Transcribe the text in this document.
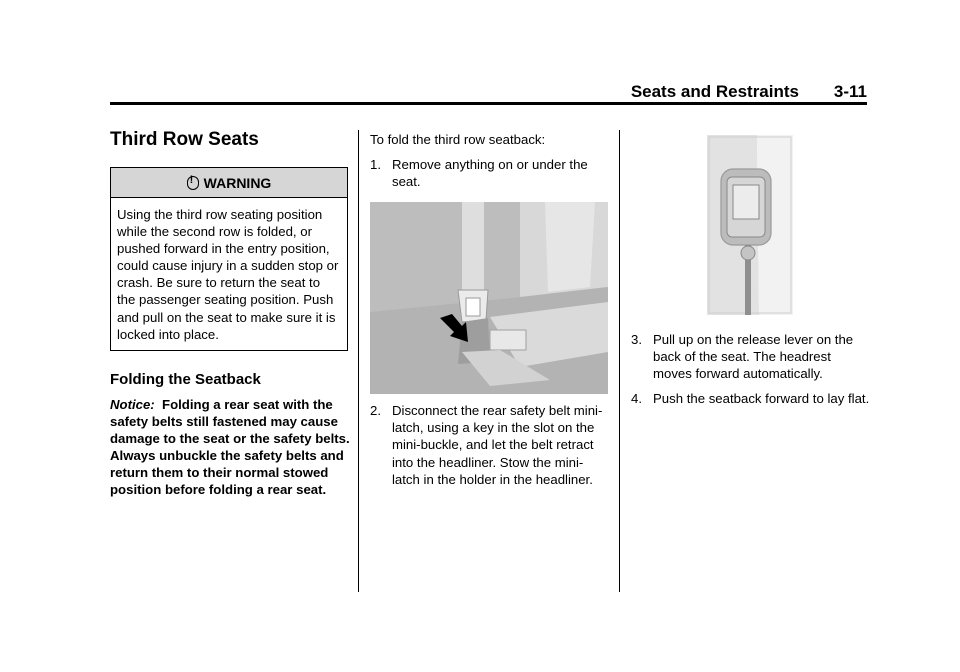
Seats and Restraints 3-11
Third Row Seats
!
WARNING
Using the third row seating position while the second row is folded, or pushed forward in the entry position, could cause injury in a sudden stop or crash. Be sure to return the seat to the passenger seating position. Push and pull on the seat to make sure it is locked into place.
Folding the Seatback
Notice: Folding a rear seat with the safety belts still fastened may cause damage to the seat or the safety belts. Always unbuckle the safety belts and return them to their normal stowed position before folding a rear seat.
To fold the third row seatback:
1. Remove anything on or under the seat.
2. Disconnect the rear safety belt mini-latch, using a key in the slot on the mini-buckle, and let the belt retract into the headliner. Stow the mini-latch in the holder in the headliner.
3. Pull up on the release lever on the back of the seat. The headrest moves forward automatically.
4. Push the seatback forward to lay flat.
